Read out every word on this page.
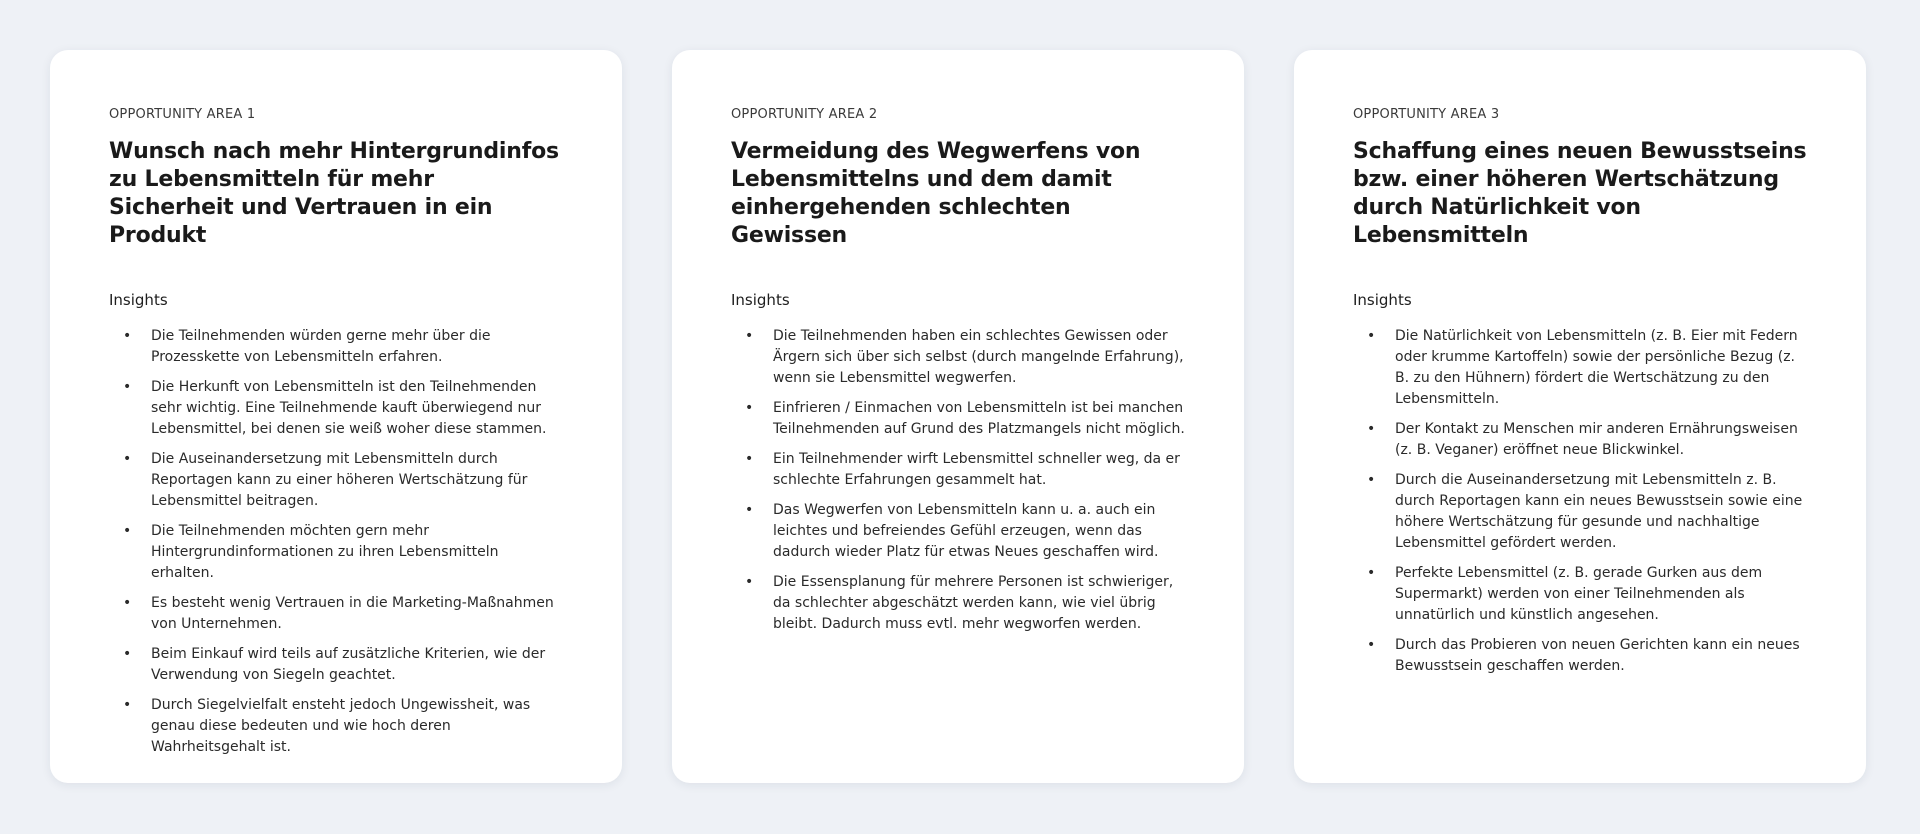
OPPORTUNITY AREA 1

Wunsch nach mehr Hintergrundinfos zu Lebensmitteln für mehr Sicherheit und Vertrauen in ein Produkt
Insights
• Die Teilnehmenden würden gerne mehr über die Prozesskette von Lebensmitteln erfahren.
• Die Herkunft von Lebensmitteln ist den Teilnehmenden sehr wichtig. Eine Teilnehmende kauft überwiegend nur Lebensmittel, bei denen sie weiß woher diese stammen.
• Die Auseinandersetzung mit Lebensmitteln durch Reportagen kann zu einer höheren Wertschätzung für Lebensmittel beitragen.
• Die Teilnehmenden möchten gern mehr Hintergrundinformationen zu ihren Lebensmitteln erhalten.
• Es besteht wenig Vertrauen in die Marketing-Maßnahmen von Unternehmen.
• Beim Einkauf wird teils auf zusätzliche Kriterien, wie der Verwendung von Siegeln geachtet.
• Durch Siegelvielfalt ensteht jedoch Ungewissheit, was genau diese bedeuten und wie hoch deren Wahrheitsgehalt ist.

OPPORTUNITY AREA 2

Vermeidung des Wegwerfens von Lebensmittelns und dem damit einhergehenden schlechten Gewissen
Insights
• Die Teilnehmenden haben ein schlechtes Gewissen oder Ärgern sich über sich selbst (durch mangelnde Erfahrung), wenn sie Lebensmittel wegwerfen.
• Einfrieren / Einmachen von Lebensmitteln ist bei manchen Teilnehmenden auf Grund des Platzmangels nicht möglich.
• Ein Teilnehmender wirft Lebensmittel schneller weg, da er schlechte Erfahrungen gesammelt hat.
• Das Wegwerfen von Lebensmitteln kann u. a. auch ein leichtes und befreiendes Gefühl erzeugen, wenn das dadurch wieder Platz für etwas Neues geschaffen wird.
• Die Essensplanung für mehrere Personen ist schwieriger, da schlechter abgeschätzt werden kann, wie viel übrig bleibt. Dadurch muss evtl. mehr wegworfen werden.

OPPORTUNITY AREA 3

Schaffung eines neuen Bewusstseins bzw. einer höheren Wertschätzung durch Natürlichkeit von Lebensmitteln
Insights
• Die Natürlichkeit von Lebensmitteln (z. B. Eier mit Federn oder krumme Kartoffeln) sowie der persönliche Bezug (z. B. zu den Hühnern) fördert die Wertschätzung zu den Lebensmitteln.
• Der Kontakt zu Menschen mir anderen Ernährungsweisen (z. B. Veganer) eröffnet neue Blickwinkel.
• Durch die Auseinandersetzung mit Lebensmitteln z. B. durch Reportagen kann ein neues Bewusstsein sowie eine höhere Wertschätzung für gesunde und nachhaltige Lebensmittel gefördert werden.
• Perfekte Lebensmittel (z. B. gerade Gurken aus dem Supermarkt) werden von einer Teilnehmenden als unnatürlich und künstlich angesehen.
• Durch das Probieren von neuen Gerichten kann ein neues Bewusstsein geschaffen werden.
